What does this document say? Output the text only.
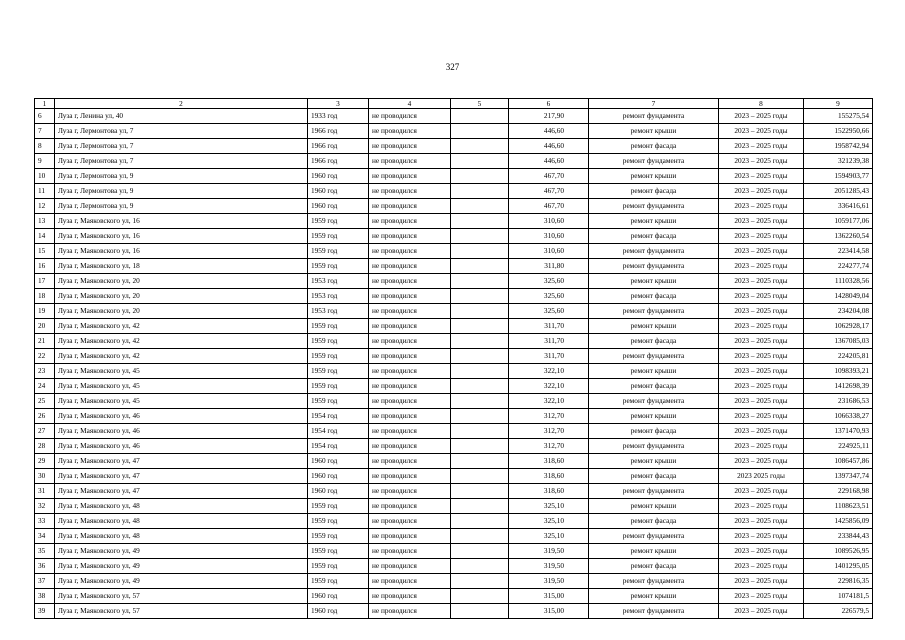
327
1	2	3	4	5	6	7	8	9
6	Луза г, Ленина ул, 40	1933 год	не проводился		217,90	ремонт фундамента	2023 – 2025 годы	155275,54
7	Луза г, Лермонтова ул, 7	1966 год	не проводился		446,60	ремонт крыши	2023 – 2025 годы	1522950,66
8	Луза г, Лермонтова ул, 7	1966 год	не проводился		446,60	ремонт фасада	2023 – 2025 годы	1958742,94
9	Луза г, Лермонтова ул, 7	1966 год	не проводился		446,60	ремонт фундамента	2023 – 2025 годы	321239,38
10	Луза г, Лермонтова ул, 9	1960 год	не проводился		467,70	ремонт крыши	2023 – 2025 годы	1594903,77
11	Луза г, Лермонтова ул, 9	1960 год	не проводился		467,70	ремонт фасада	2023 – 2025 годы	2051285,43
12	Луза г, Лермонтова ул, 9	1960 год	не проводился		467,70	ремонт фундамента	2023 – 2025 годы	336416,61
13	Луза г, Маяковского ул, 16	1959 год	не проводился		310,60	ремонт крыши	2023 – 2025 годы	1059177,06
14	Луза г, Маяковского ул, 16	1959 год	не проводился		310,60	ремонт фасада	2023 – 2025 годы	1362260,54
15	Луза г, Маяковского ул, 16	1959 год	не проводился		310,60	ремонт фундамента	2023 – 2025 годы	223414,58
16	Луза г, Маяковского ул, 18	1959 год	не проводился		311,80	ремонт фундамента	2023 – 2025 годы	224277,74
17	Луза г, Маяковского ул, 20	1953 год	не проводился		325,60	ремонт крыши	2023 – 2025 годы	1110328,56
18	Луза г, Маяковского ул, 20	1953 год	не проводился		325,60	ремонт фасада	2023 – 2025 годы	1428049,04
19	Луза г, Маяковского ул, 20	1953 год	не проводился		325,60	ремонт фундамента	2023 – 2025 годы	234204,08
20	Луза г, Маяковского ул, 42	1959 год	не проводился		311,70	ремонт крыши	2023 – 2025 годы	1062928,17
21	Луза г, Маяковского ул, 42	1959 год	не проводился		311,70	ремонт фасада	2023 – 2025 годы	1367085,03
22	Луза г, Маяковского ул, 42	1959 год	не проводился		311,70	ремонт фундамента	2023 – 2025 годы	224205,81
23	Луза г, Маяковского ул, 45	1959 год	не проводился		322,10	ремонт крыши	2023 – 2025 годы	1098393,21
24	Луза г, Маяковского ул, 45	1959 год	не проводился		322,10	ремонт фасада	2023 – 2025 годы	1412698,39
25	Луза г, Маяковского ул, 45	1959 год	не проводился		322,10	ремонт фундамента	2023 – 2025 годы	231686,53
26	Луза г, Маяковского ул, 46	1954 год	не проводился		312,70	ремонт крыши	2023 – 2025 годы	1066338,27
27	Луза г, Маяковского ул, 46	1954 год	не проводился		312,70	ремонт фасада	2023 – 2025 годы	1371470,93
28	Луза г, Маяковского ул, 46	1954 год	не проводился		312,70	ремонт фундамента	2023 – 2025 годы	224925,11
29	Луза г, Маяковского ул, 47	1960 год	не проводился		318,60	ремонт крыши	2023 – 2025 годы	1086457,86
30	Луза г, Маяковского ул, 47	1960 год	не проводился		318,60	ремонт фасада	2023 2025 годы	1397347,74
31	Луза г, Маяковского ул, 47	1960 год	не проводился		318,60	ремонт фундамента	2023 – 2025 годы	229168,98
32	Луза г, Маяковского ул, 48	1959 год	не проводился		325,10	ремонт крыши	2023 – 2025 годы	1108623,51
33	Луза г, Маяковского ул, 48	1959 год	не проводился		325,10	ремонт фасада	2023 – 2025 годы	1425856,09
34	Луза г, Маяковского ул, 48	1959 год	не проводился		325,10	ремонт фундамента	2023 – 2025 годы	233844,43
35	Луза г, Маяковского ул, 49	1959 год	не проводился		319,50	ремонт крыши	2023 – 2025 годы	1089526,95
36	Луза г, Маяковского ул, 49	1959 год	не проводился		319,50	ремонт фасада	2023 – 2025 годы	1401295,05
37	Луза г, Маяковского ул, 49	1959 год	не проводился		319,50	ремонт фундамента	2023 – 2025 годы	229816,35
38	Луза г, Маяковского ул, 57	1960 год	не проводился		315,00	ремонт крыши	2023 – 2025 годы	1074181,5
39	Луза г, Маяковского ул, 57	1960 год	не проводился		315,00	ремонт фундамента	2023 – 2025 годы	226579,5
